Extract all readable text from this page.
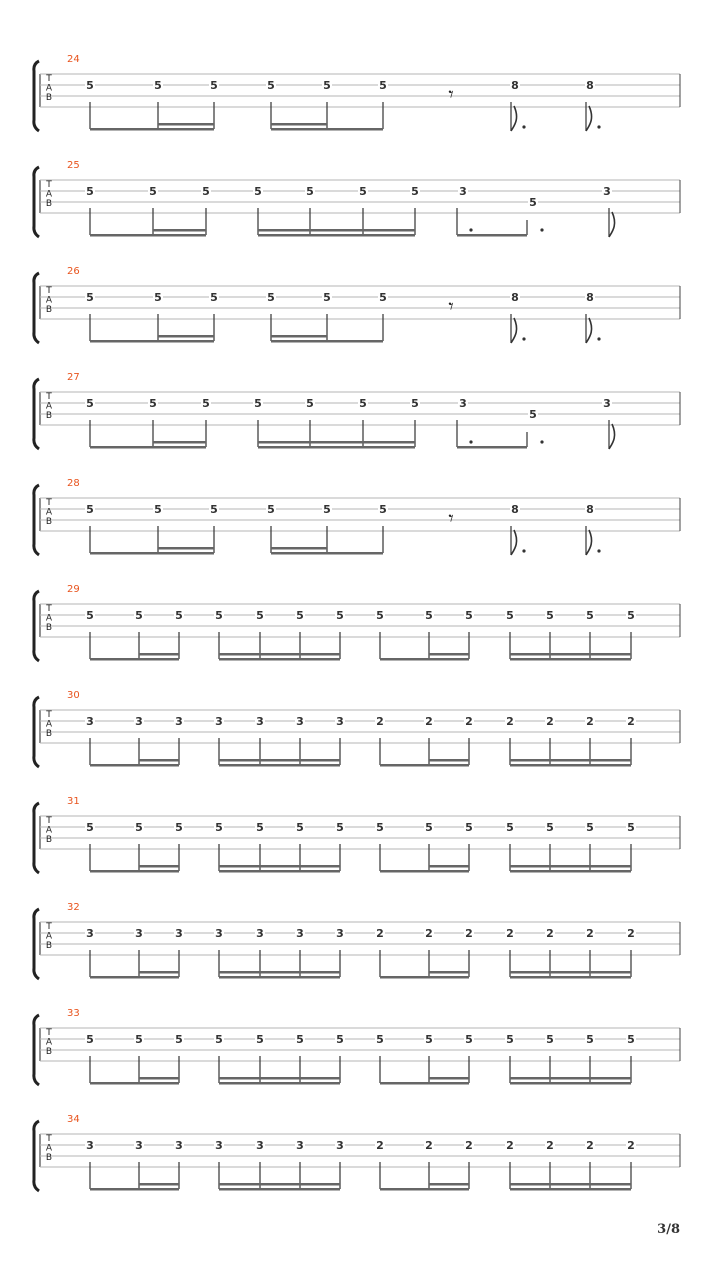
T
A
B
24
5	5	5	5	5	5	8	8
𝄾
T
A
B
25
5	5	5	5	5	5	5	3
5
3
T
A
B
26
5	5	5	5	5	5	8	8
𝄾
T
A
B
27
5	5	5	5	5	5	5	3
5
3
T
A
B
28
5	5	5	5	5	5	8	8
𝄾
T
A
B
29
5	5	5	5	5	5	5	5	5	5	5	5	5	5
T
A
B
30
3	3	3	3	3	3	3	2	2	2	2	2	2	2
T
A
B
31
5	5	5	5	5	5	5	5	5	5	5	5	5	5
T
A
B
32
3	3	3	3	3	3	3	2	2	2	2	2	2	2
T
A
B
33
5	5	5	5	5	5	5	5	5	5	5	5	5	5
T
A
B
34
3	3	3	3	3	3	3	2	2	2	2	2	2	2
3/8
